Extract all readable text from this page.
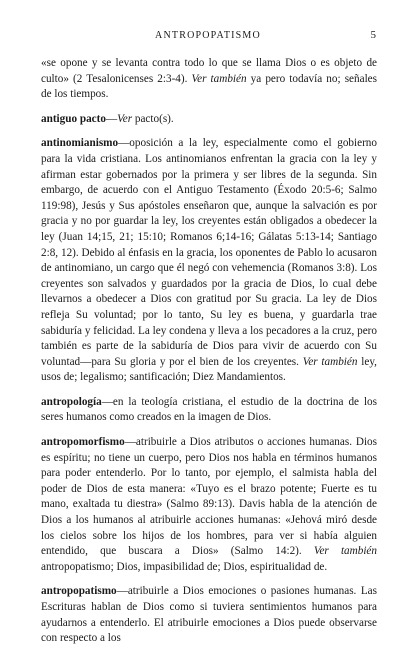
ANTROPOPATISMO	5

«se opone y se levanta contra todo lo que se llama Dios o es objeto de culto» (2 Tesalonicenses 2:3-4). Ver también ya pero todavía no; señales de los tiempos.

antiguo pacto—Ver pacto(s).

antinomianismo—oposición a la ley, especialmente como el gobierno para la vida cristiana. Los antinomianos enfrentan la gracia con la ley y afirman estar gobernados por la primera y ser libres de la segunda. Sin embargo, de acuerdo con el Antiguo Testamento (Éxodo 20:5-6; Salmo 119:98), Jesús y Sus apóstoles enseñaron que, aunque la salvación es por gracia y no por guardar la ley, los creyentes están obligados a obedecer la ley (Juan 14;15, 21; 15:10; Romanos 6;14-16; Gálatas 5:13-14; Santiago 2:8, 12). Debido al énfasis en la gracia, los oponentes de Pablo lo acusaron de antinomiano, un cargo que él negó con vehemencia (Romanos 3:8). Los creyentes son salvados y guardados por la gracia de Dios, lo cual debe llevarnos a obedecer a Dios con gratitud por Su gracia. La ley de Dios refleja Su voluntad; por lo tanto, Su ley es buena, y guardarla trae sabiduría y felicidad. La ley condena y lleva a los pecadores a la cruz, pero también es parte de la sabiduría de Dios para vivir de acuerdo con Su voluntad—para Su gloria y por el bien de los creyentes. Ver también ley, usos de; legalismo; santificación; Diez Mandamientos.

antropología—en la teología cristiana, el estudio de la doctrina de los seres humanos como creados en la imagen de Dios.

antropomorfismo—atribuirle a Dios atributos o acciones humanas. Dios es espíritu; no tiene un cuerpo, pero Dios nos habla en términos humanos para poder entenderlo. Por lo tanto, por ejemplo, el salmista habla del poder de Dios de esta manera: «Tuyo es el brazo potente; Fuerte es tu mano, exaltada tu diestra» (Salmo 89:13). Davis habla de la atención de Dios a los humanos al atribuirle acciones humanas: «Jehová miró desde los cielos sobre los hijos de los hombres, para ver si había alguien entendido, que buscara a Dios» (Salmo 14:2). Ver también antropopatismo; Dios, impasibilidad de; Dios, espiritualidad de.

antropopatismo—atribuirle a Dios emociones o pasiones humanas. Las Escrituras hablan de Dios como si tuviera sentimientos humanos para ayudarnos a entenderlo. El atribuirle emociones a Dios puede observarse con respecto a los
